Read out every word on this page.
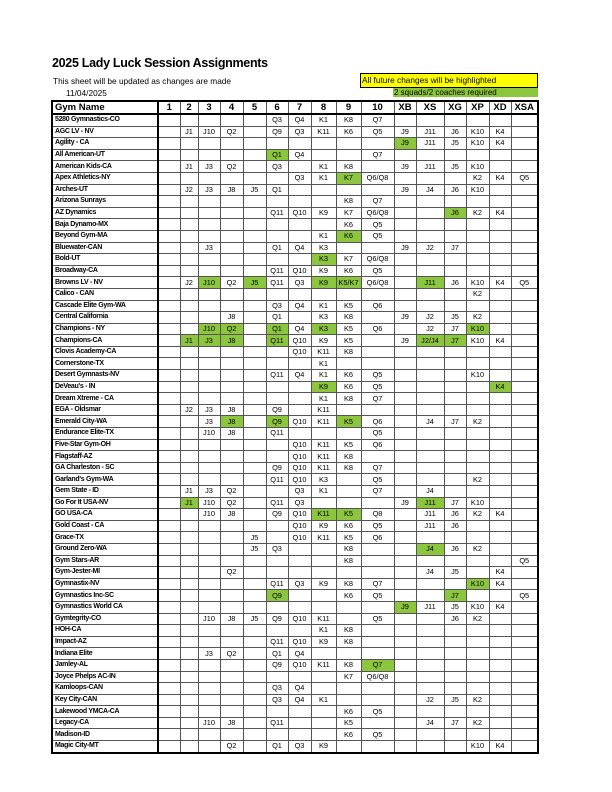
2025 Lady Luck Session Assignments
This sheet will be updated as changes are made
11/04/2025
All future changes will be highlighted
2 squads/2 coaches required
Gym Name	1	2	3	4	5	6	7	8	9	10	XB	XS	XG	XP	XD	XSA
5280 Gymnastics-CO						Q3	Q4	K1	K8	Q7						
AGC LV - NV		J1	J10	Q2		Q9	Q3	K11	K6	Q5	J9	J11	J6	K10	K4	
Agility - CA											J9	J11	J5	K10	K4	
All American-UT						Q1	Q4			Q7						
American Kids-CA		J1	J3	Q2		Q3		K1	K8		J9	J11	J5	K10		
Apex Athletics-NY							Q3	K1	K7	Q6/Q8				K2	K4	Q5
Arches-UT		J2	J3	J8	J5	Q1					J9	J4	J6	K10		
Arizona Sunrays									K8	Q7						
AZ Dynamics						Q11	Q10	K9	K7	Q6/Q8			J6	K2	K4	
Baja Dynamo-MX									K6	Q5						
Beyond Gym-MA								K1	K6	Q5						
Bluewater-CAN			J3			Q1	Q4	K3			J9	J2	J7			
Bold-UT								K3	K7	Q6/Q8						
Broadway-CA						Q11	Q10	K9	K6	Q5						
Browns LV - NV		J2	J10	Q2	J5	Q11	Q3	K9	K5/K7	Q6/Q8		J11	J6	K10	K4	Q5
Calico - CAN														K2		
Cascade Elite Gym-WA						Q3	Q4	K1	K5	Q6						
Central California				J8		Q1		K3	K8		J9	J2	J5	K2		
Champions - NY			J10	Q2		Q1	Q4	K3	K5	Q6		J2	J7	K10		
Champions-CA		J1	J3	J8		Q11	Q10	K9	K5		J9	J2/J4	J7	K10	K4	
Clovis Academy-CA							Q10	K11	K8							
Cornerstone-TX								K1								
Desert Gymnasts-NV						Q11	Q4	K1	K6	Q5				K10		
DeVeau's - IN								K9	K6	Q5					K4	
Dream Xtreme - CA								K1	K8	Q7						
EGA - Oldsmar		J2	J3	J8		Q9		K11								
Emerald City-WA			J3	J8		Q9	Q10	K11	K5	Q6		J4	J7	K2		
Endurance Elite-TX			J10	J8		Q11				Q5						
Five-Star Gym-OH							Q10	K11	K5	Q6						
Flagstaff-AZ							Q10	K11	K8							
GA Charleston - SC						Q9	Q10	K11	K8	Q7						
Garland's Gym-WA						Q11	Q10	K3		Q5				K2		
Gem State - ID		J1	J3	Q2			Q3	K1		Q7		J4				
Go For It USA-NV		J1	J10	Q2		Q11	Q3				J9	J11	J7	K10		
GO USA-CA			J10	J8		Q9	Q10	K11	K5	Q8		J11	J6	K2	K4	
Gold Coast - CA							Q10	K9	K6	Q5		J11	J6			
Grace-TX					J5		Q10	K11	K5	Q6						
Ground Zero-WA					J5	Q3			K8			J4	J6	K2		
Gym Stars-AR									K8							Q5
Gym-Jester-MI				Q2								J4	J5		K4	
Gymnastix-NV						Q11	Q3	K9	K8	Q7				K10	K4	
Gymnastics Inc-SC						Q9			K6	Q5			J7			Q5
Gymnastics World CA											J9	J11	J5	K10	K4	
Gymtegrity-CO			J10	J8	J5	Q9	Q10	K11		Q5			J6	K2		
HOH-CA								K1	K8							
Impact-AZ						Q11	Q10	K9	K8							
Indiana Elite			J3	Q2		Q1	Q4									
Jamley-AL						Q9	Q10	K11	K8	Q7						
Joyce Phelps AC-IN									K7	Q6/Q8						
Kamloops-CAN						Q3	Q4									
Key City-CAN						Q3	Q4	K1				J2	J5	K2		
Lakewood YMCA-CA									K6	Q5						
Legacy-CA			J10	J8		Q11			K5			J4	J7	K2		
Madison-ID									K6	Q5						
Magic City-MT				Q2		Q1	Q3	K9						K10	K4	
